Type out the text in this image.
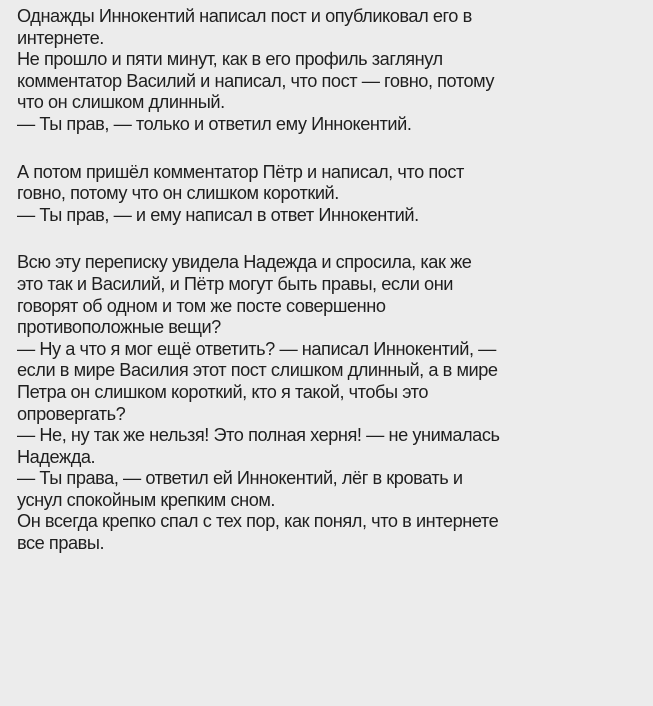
Однажды Иннокентий написал пост и опубликовал его в
интернете.
Не прошло и пяти минут, как в его профиль заглянул
комментатор Василий и написал, что пост — говно, потому
что он слишком длинный.
— Ты прав, — только и ответил ему Иннокентий.
А потом пришёл комментатор Пётр и написал, что пост
говно, потому что он слишком короткий.
— Ты прав, — и ему написал в ответ Иннокентий.
Всю эту переписку увидела Надежда и спросила, как же
это так и Василий, и Пётр могут быть правы, если они
говорят об одном и том же посте совершенно
противоположные вещи?
— Ну а что я мог ещё ответить? — написал Иннокентий, —
если в мире Василия этот пост слишком длинный, а в мире
Петра он слишком короткий, кто я такой, чтобы это
опровергать?
— Не, ну так же нельзя! Это полная херня! — не унималась
Надежда.
— Ты права, — ответил ей Иннокентий, лёг в кровать и
уснул спокойным крепким сном.
Он всегда крепко спал с тех пор, как понял, что в интернете
все правы.
